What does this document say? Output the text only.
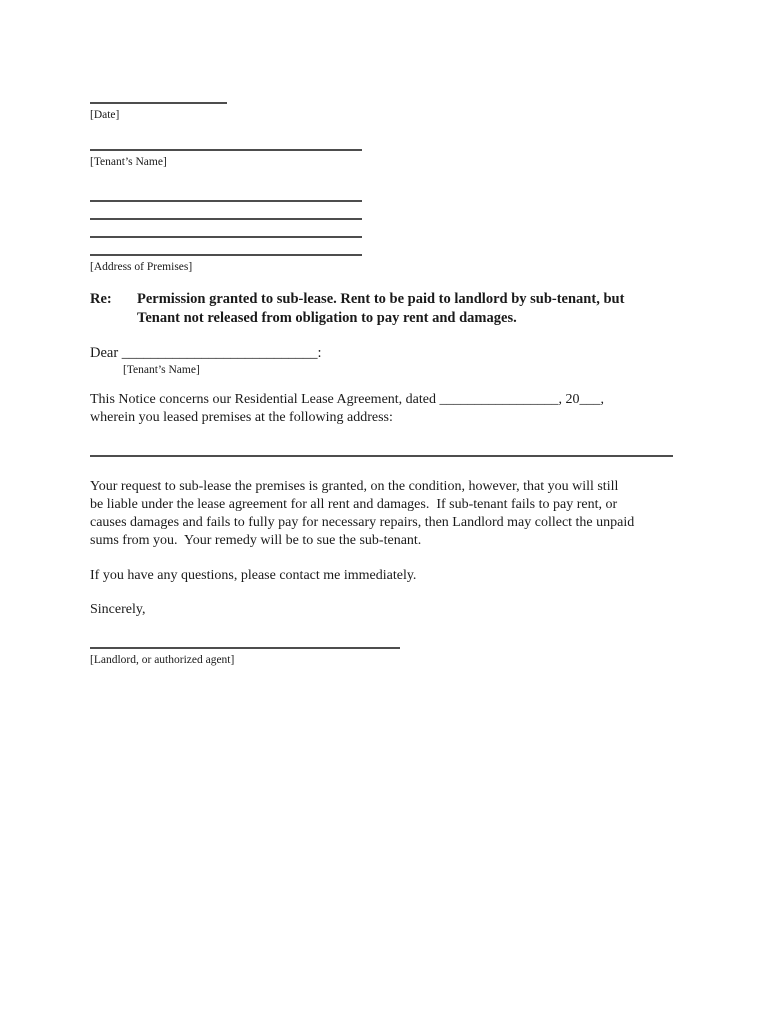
[Date]
[Tenant’s Name]
[Address of Premises]
Re:	Permission granted to sub-lease. Rent to be paid to landlord by sub-tenant, but
Tenant not released from obligation to pay rent and damages.
Dear ___________________________:
[Tenant’s Name]
This Notice concerns our Residential Lease Agreement, dated _________________, 20___,
wherein you leased premises at the following address:
Your request to sub-lease the premises is granted, on the condition, however, that you will still
be liable under the lease agreement for all rent and damages.  If sub-tenant fails to pay rent, or
causes damages and fails to fully pay for necessary repairs, then Landlord may collect the unpaid
sums from you.  Your remedy will be to sue the sub-tenant.
If you have any questions, please contact me immediately.
Sincerely,
[Landlord, or authorized agent]
